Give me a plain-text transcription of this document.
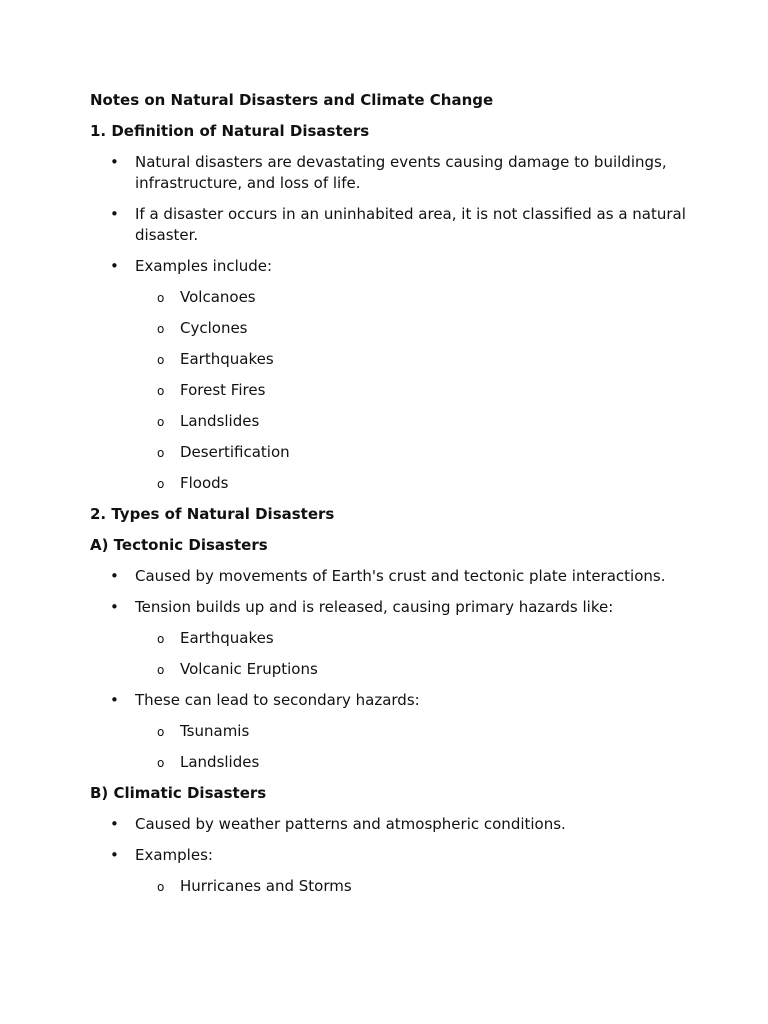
Notes on Natural Disasters and Climate Change
1. Definition of Natural Disasters
• Natural disasters are devastating events causing damage to buildings, infrastructure, and loss of life.
• If a disaster occurs in an uninhabited area, it is not classified as a natural disaster.
• Examples include:
o Volcanoes
o Cyclones
o Earthquakes
o Forest Fires
o Landslides
o Desertification
o Floods
2. Types of Natural Disasters
A) Tectonic Disasters
• Caused by movements of Earth's crust and tectonic plate interactions.
• Tension builds up and is released, causing primary hazards like:
o Earthquakes
o Volcanic Eruptions
• These can lead to secondary hazards:
o Tsunamis
o Landslides
B) Climatic Disasters
• Caused by weather patterns and atmospheric conditions.
• Examples:
o Hurricanes and Storms
